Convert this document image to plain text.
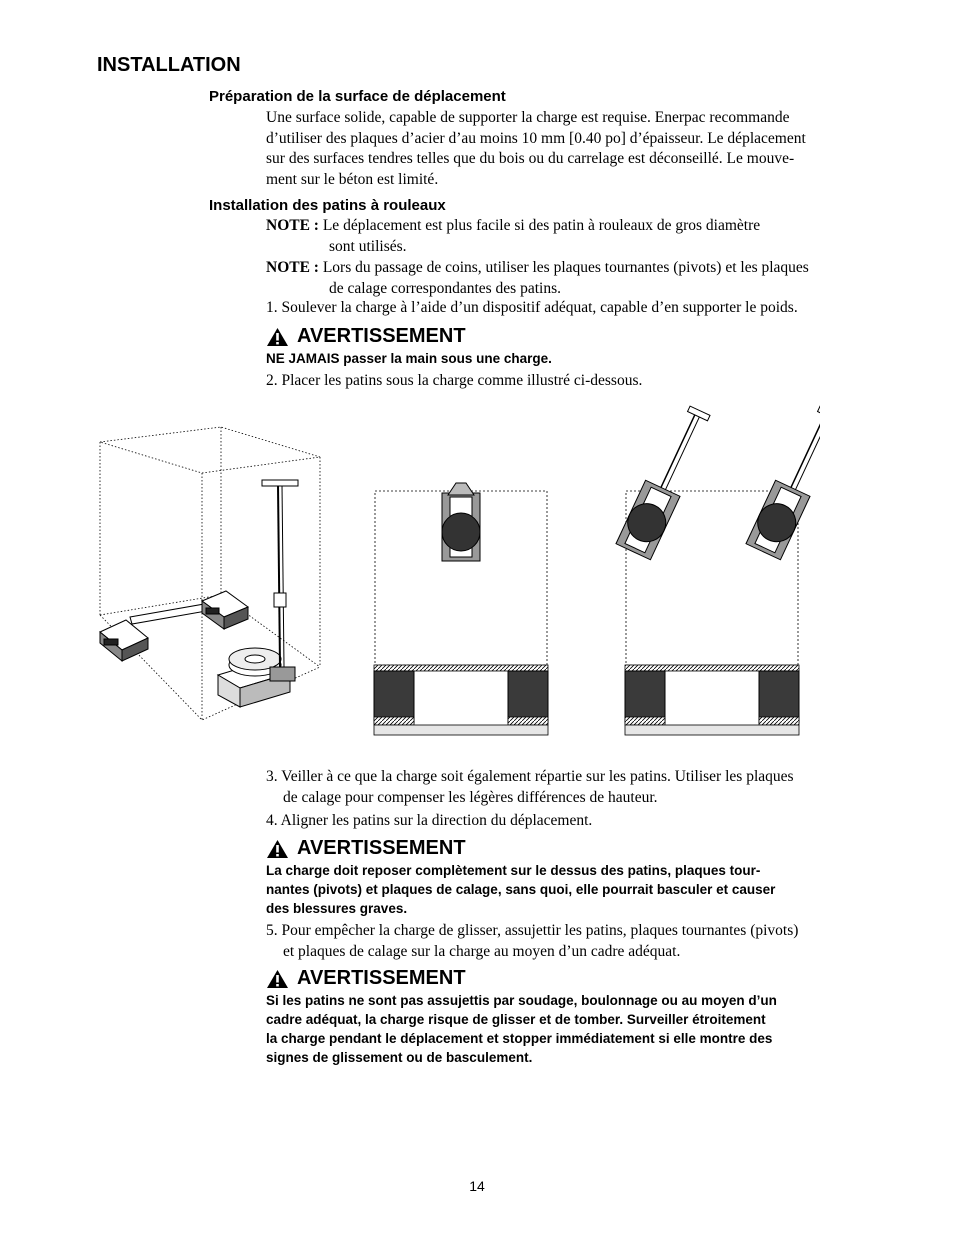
INSTALLATION
Préparation de la surface de déplacement
Une surface solide, capable de supporter la charge est requise. Enerpac recommande
d’utiliser des plaques d’acier d’au moins 10 mm [0.40 po] d’épaisseur. Le déplacement
sur des surfaces tendres telles que du bois ou du carrelage est déconseillé. Le mouve-
ment sur le béton est limité.
Installation des patins à rouleaux
NOTE : Le déplacement est plus facile si des patin à rouleaux de gros diamètre
sont utilisés.
NOTE : Lors du passage de coins, utiliser les plaques tournantes (pivots) et les plaques
de calage correspondantes des patins.
1. Soulever la charge à l’aide d’un dispositif adéquat, capable d’en supporter le poids.
AVERTISSEMENT
NE JAMAIS passer la main sous une charge.
2. Placer les patins sous la charge comme illustré ci-dessous.
3. Veiller à ce que la charge soit également répartie sur les patins. Utiliser les plaques
de calage pour compenser les légères différences de hauteur.
4. Aligner les patins sur la direction du déplacement.
AVERTISSEMENT
La charge doit reposer complètement sur le dessus des patins, plaques tour-
nantes (pivots) et plaques de calage, sans quoi, elle pourrait basculer et causer
des blessures graves.
5. Pour empêcher la charge de glisser, assujettir les patins, plaques tournantes (pivots)
et plaques de calage sur la charge au moyen d’un cadre adéquat.
AVERTISSEMENT
Si les patins ne sont pas assujettis par soudage, boulonnage ou au moyen d’un
cadre adéquat, la charge risque de glisser et de tomber. Surveiller étroitement
la charge pendant le déplacement et stopper immédiatement si elle montre des
signes de glissement ou de basculement.
14
